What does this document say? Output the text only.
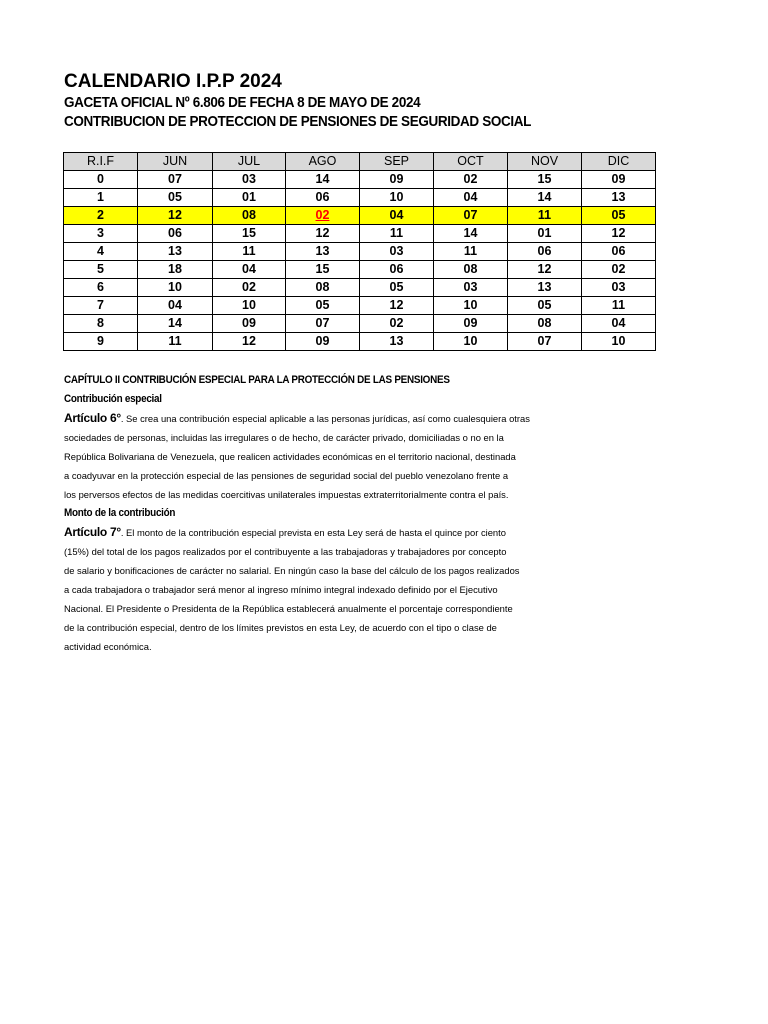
CALENDARIO I.P.P 2024

GACETA OFICIAL Nº 6.806 DE FECHA 8 DE MAYO DE 2024

CONTRIBUCION DE PROTECCION DE PENSIONES DE SEGURIDAD SOCIAL

R.I.F	JUN	JUL	AGO	SEP	OCT	NOV	DIC
0	07	03	14	09	02	15	09
1	05	01	06	10	04	14	13
2	12	08	02	04	07	11	05
3	06	15	12	11	14	01	12
4	13	11	13	03	11	06	06
5	18	04	15	06	08	12	02
6	10	02	08	05	03	13	03
7	04	10	05	12	10	05	11
8	14	09	07	02	09	08	04
9	11	12	09	13	10	07	10

CAPÍTULO II CONTRIBUCIÓN ESPECIAL PARA LA PROTECCIÓN DE LAS PENSIONES

Contribución especial

Artículo 6°. Se crea una contribución especial aplicable a las personas jurídicas, así como cualesquiera otras

sociedades de personas, incluidas las irregulares o de hecho, de carácter privado, domiciliadas o no en la

República Bolivariana de Venezuela, que realicen actividades económicas en el territorio nacional, destinada

a coadyuvar en la protección especial de las pensiones de seguridad social del pueblo venezolano frente a

los perversos efectos de las medidas coercitivas unilaterales impuestas extraterritorialmente contra el país.

Monto de la contribución

Artículo 7°. El monto de la contribución especial prevista en esta Ley será de hasta el quince por ciento

(15%) del total de los pagos realizados por el contribuyente a las trabajadoras y trabajadores por concepto

de salario y bonificaciones de carácter no salarial. En ningún caso la base del cálculo de los pagos realizados

a cada trabajadora o trabajador será menor al ingreso mínimo integral indexado definido por el Ejecutivo

Nacional. El Presidente o Presidenta de la República establecerá anualmente el porcentaje correspondiente

de la contribución especial, dentro de los límites previstos en esta Ley, de acuerdo con el tipo o clase de

actividad económica.
